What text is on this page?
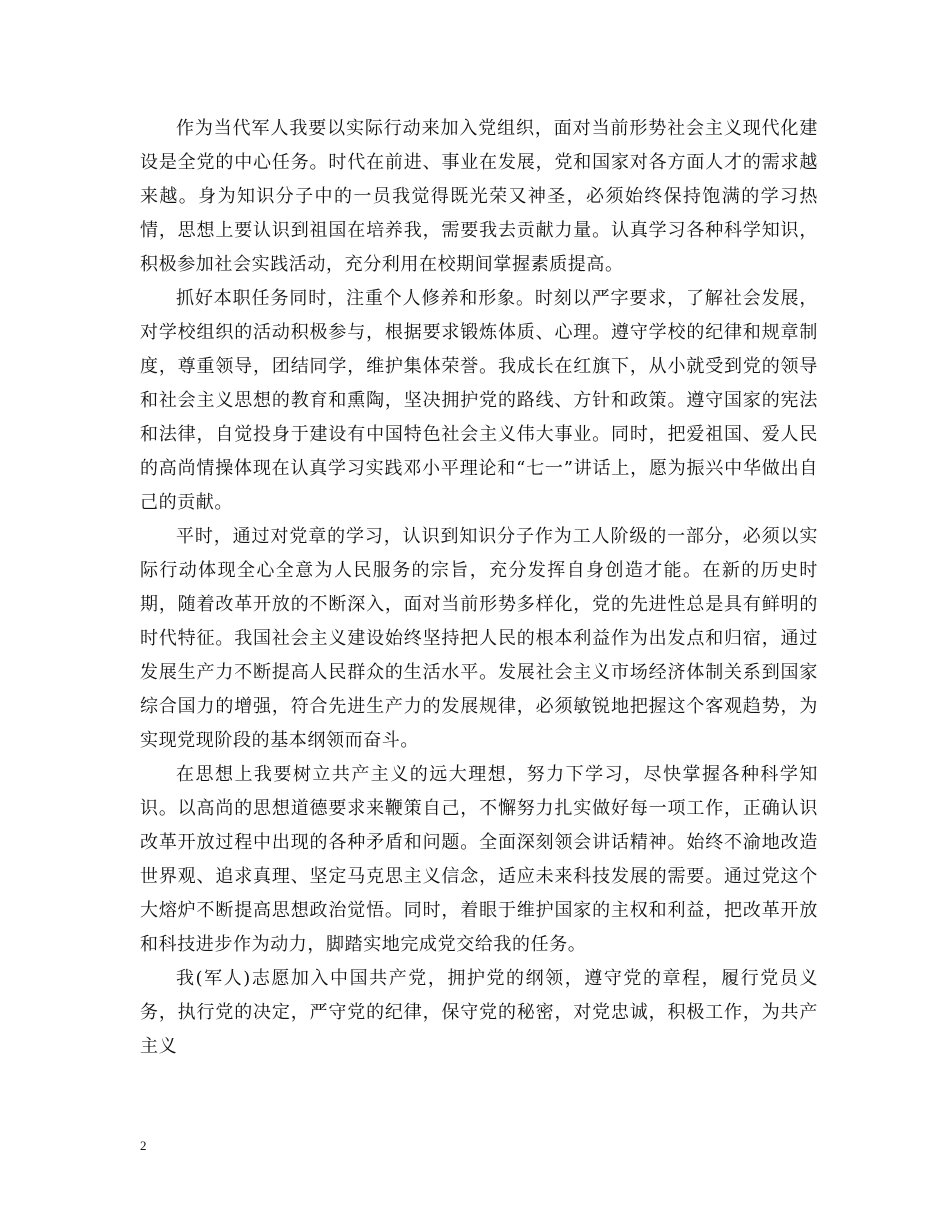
作为当代军人我要以实际行动来加入党组织，面对当前形势社会主义现代化建设是全党的中心任务。时代在前进、事业在发展，党和国家对各方面人才的需求越来越。身为知识分子中的一员我觉得既光荣又神圣，必须始终保持饱满的学习热情，思想上要认识到祖国在培养我，需要我去贡献力量。认真学习各种科学知识，积极参加社会实践活动，充分利用在校期间掌握素质提高。

抓好本职任务同时，注重个人修养和形象。时刻以严字要求，了解社会发展，对学校组织的活动积极参与，根据要求锻炼体质、心理。遵守学校的纪律和规章制度，尊重领导，团结同学，维护集体荣誉。我成长在红旗下，从小就受到党的领导和社会主义思想的教育和熏陶，坚决拥护党的路线、方针和政策。遵守国家的宪法和法律，自觉投身于建设有中国特色社会主义伟大事业。同时，把爱祖国、爱人民的高尚情操体现在认真学习实践邓小平理论和“七一”讲话上，愿为振兴中华做出自己的贡献。

平时，通过对党章的学习，认识到知识分子作为工人阶级的一部分，必须以实际行动体现全心全意为人民服务的宗旨，充分发挥自身创造才能。在新的历史时期，随着改革开放的不断深入，面对当前形势多样化，党的先进性总是具有鲜明的时代特征。我国社会主义建设始终坚持把人民的根本利益作为出发点和归宿，通过发展生产力不断提高人民群众的生活水平。发展社会主义市场经济体制关系到国家综合国力的增强，符合先进生产力的发展规律，必须敏锐地把握这个客观趋势，为实现党现阶段的基本纲领而奋斗。

在思想上我要树立共产主义的远大理想，努力下学习，尽快掌握各种科学知识。以高尚的思想道德要求来鞭策自己，不懈努力扎实做好每一项工作，正确认识改革开放过程中出现的各种矛盾和问题。全面深刻领会讲话精神。始终不渝地改造世界观、追求真理、坚定马克思主义信念，适应未来科技发展的需要。通过党这个大熔炉不断提高思想政治觉悟。同时，着眼于维护国家的主权和利益，把改革开放和科技进步作为动力，脚踏实地完成党交给我的任务。

我(军人)志愿加入中国共产党，拥护党的纲领，遵守党的章程，履行党员义务，执行党的决定，严守党的纪律，保守党的秘密，对党忠诚，积极工作，为共产主义

2
